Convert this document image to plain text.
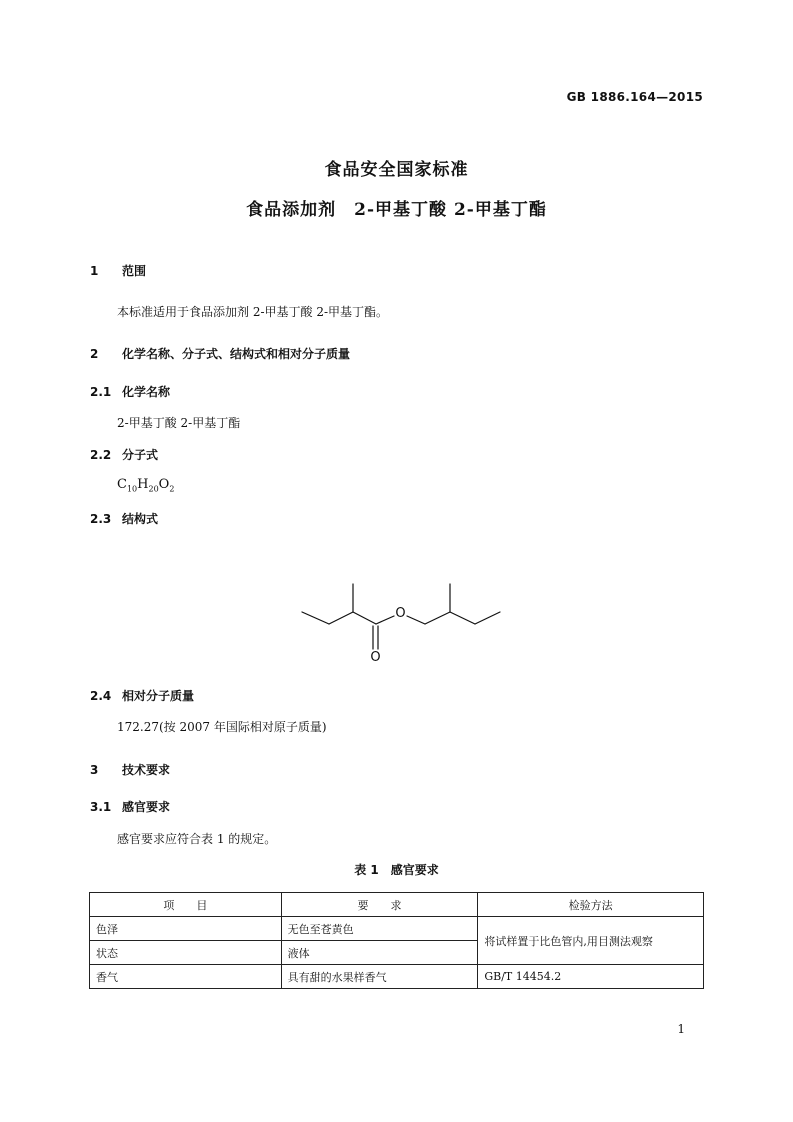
GB 1886.164—2015
食品安全国家标准
食品添加剂　2-甲基丁酸 2-甲基丁酯
1 范围
本标准适用于食品添加剂 2-甲基丁酸 2-甲基丁酯。
2 化学名称、分子式、结构式和相对分子质量
2.1 化学名称
2-甲基丁酸 2-甲基丁酯
2.2 分子式
$C_{10}H_{20}O_2$
2.3 结构式
O
O
2.4 相对分子质量
172.27(按 2007 年国际相对原子质量)
3 技术要求
3.1 感官要求
感官要求应符合表 1 的规定。
表 1　感官要求
项　　目	要　　求	检验方法
色泽	无色至苍黄色	将试样置于比色管内,用目测法观察
状态	液体	
香气	具有甜的水果样香气	GB/T 14454.2
1
